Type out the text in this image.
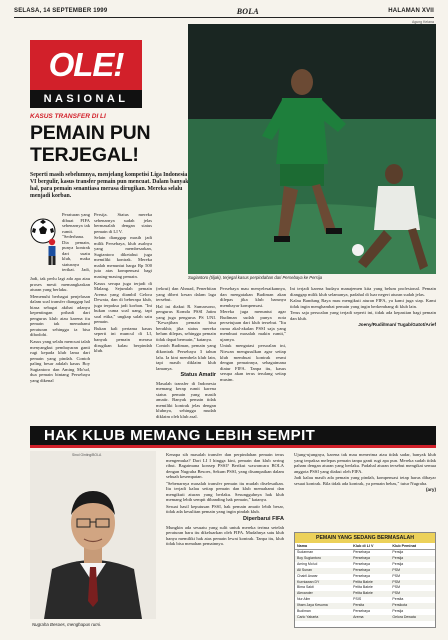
SELASA, 14 SEPTEMBER 1999	BOLA	HALAMAN XVII
OLE!
NASIONAL
KASUS TRANSFER DI LI
PEMAIN PUN TERJEGAL!
Seperti masih sebelumnya, menjelang kompetisi Liga Indonesia VI bergulir, kasus transfer pemain pun mencuat. Dalam banyak hal, para pemain senantiasa merasa dirugikan. Mereka selalu menjadi korban.
Agung Kelana
Sugiantoro (tiljak), terjegal kasus perpindahan dari Persebaya ke Persija

Peraturan yang dibuat FIFA sebenarnya tak rumit. "Sederhana. Dia pemain, punya kontrak dari suatu klub, maka statusnya terikat. Jadi,

Jadi, tak perlu lagi ada apa atau proses mesti memangkaskan aturan yang berlaku.

Memenuhi berbagai penjelasan dalam soal transfer dianggap hal biasa sebagai akibat adanya kepentingan pribadi dari pengurus klub atau karena itu pemain tak memahami peraturan sehingga ia bisa dibodohi.

Kasus yang selalu mencuat ialah menyangkut pembayaran ganti rugi kepada klub lama dari pemain yang pindah. Contoh paling besar adalah kasus Boy Sugiantoro dan Aming Mo'ud, dua pemain bintang Persebaya yang dikenal

Persija. Status mereka sebenarnya sudah jelas bermasalah dengan status pemain di LI V.

Selain dianggap masih jadi milik Persebaya, klub asalnya yang membesarkan, Sugiantoro diketahui juga memiliki kontrak. Mereka malah menuntut harga Rp 500 juta atas kompensasi bagi masing-masing pemain.

Kasus serupa juga terjadi di Malang. Sejumlah pemain Arema yang diambil Gelora Dewata, dan di beberapa klub, juga terpaksa jadi korban. "Ini bukan cuma soal uang, tapi soal etika," ungkap salah satu pemain.

Bukan kali pertama kasus seperti ini muncul di LI, banyak pemain merasa dirugikan kalau berpindah klub.

(rekrut) dan Ahmad, Penerbitan yang diberi kesan dalam laga tersebut.

Hal ini diakui R. Sumarsono, pengurus Komda PSSI Jatim yang juga pengurus PS UNI. "Kewajiban pemain bisa berakhir, jika status mereka belum dilepas, sehingga pemain tidak dapat bermain," katanya.

Contoh Budiman, pemain yang dikontrak Persebaya 3 tahun lalu. Ia kini membela klub lain, tapi masih diklaim klub lamanya.

Status Amatir

Masalah transfer di Indonesia memang kerap rumit karena status pemain yang masih amatir. Banyak pemain tidak memiliki kontrak jelas dengan klubnya, sehingga mudah diklaim oleh klub asal.

Persebaya mau menyelesaikannya, dan mengatakan Budiman akan dilepas jika klub barunya membayar kompensasi.

Mereka juga menuntut agar Budiman sudah punya nota persetujuan dari klub tersebut. "Itu cuma akal-akalan PSSI saja yang membuat masalah makin rumit," ujarnya.

Untuk mengatasi persoalan ini, Nirwan mengusulkan agar setiap klub membuat kontrak resmi dengan pemainnya, sebagaimana diatur FIFA. Tanpa itu, kasus serupa akan terus terulang setiap musim.

Ini terjadi karena budaya manajemen kita yang belum profesional. Pemain dianggap milik klub selamanya, padahal di luar negeri aturan sudah jelas.

Kalau Bandung Raya mau mengikuti aturan FIFA, ya kami juga siap. Kami tidak ingin menghambat pemain yang ingin berkembang di klub lain.

Terus saja persoalan yang terjadi seperti ini, tidak ada kepastian bagi pemain dan klub.

Joeny/Rudi/Iman/ Tugab/Gatot/Arief
HAK KLUB MEMANG LEBIH SEMPIT
Sinol Ginting/BOLA
Nugraha Besoes, menghapus rumi.

Kenapa sih masalah transfer dan perpindahan pemain terus mengemuka? Dari LI I hingga kini, pemain dan klub sering ribut. Bagaimana konsep PSSI? Berikut wawancara BOLA dengan Nugraha Besoes, Sekum PSSI, yang disampaikan dalam sebuah kesempatan.

"Sebenarnya masalah transfer pemain itu mudah diselesaikan. Itu terjadi kalau setiap pemain dan klub memahami dan mengikuti aturan yang berlaku. Sesungguhnya hak klub memang lebih sempit dibanding hak pemain," katanya.

Sesuai hasil keputusan PSSI, hak pemain amatir lebih besar, tidak ada kesulitan pemain yang ingin pindah klub.

Diperbarui FIFA

Mungkin ada sesuatu yang sulit untuk mereka terima setelah peraturan baru itu dikeluarkan oleh FIFA. Mudahnya satu klub hanya memiliki hak atas pemain lewat kontrak. Tanpa itu, klub tidak bisa menahan pemainnya.

Ujung-ujungnya, karena tak mau menerima atau tidak sadar, banyak klub yang terpaksa melepas pemain tanpa ganti rugi apa pun. Mereka sudah tidak paham dengan aturan yang berlaku. Padahal aturan tersebut mengikat semua anggota PSSI yang diakui oleh FIFA.

Jadi kalau masih ada pemain yang pindah, kompensasi tetap harus dibayar sesuai kontrak. Bila tidak ada kontrak, ya pemain bebas," tutur Nugraha.

(ary)
PEMAIN YANG SEDANG BERMASALAH
Nama	Klub di LI V	Klub Peminat
Sudarman	Persebaya	Persija
Boy Sugiantoro	Persebaya	Persija
Aming Mo'ud	Persebaya	Persija
Ali Sunan	Persebaya	PSM
Chairil Anwar	Persebaya	PSM
Kurniawan DY	Pelita Bakrie	PSM
Bima Sakti	Pelita Bakrie	PSM
Alexander	Pelita Bakrie	PSM
Nur Alim	PSIS	Persita
Ilham Jaya Kesuma	Persita	Persikota
Budiman	Persebaya	Persija
Carlo Yabarta	Arema	Gelora Dewata
